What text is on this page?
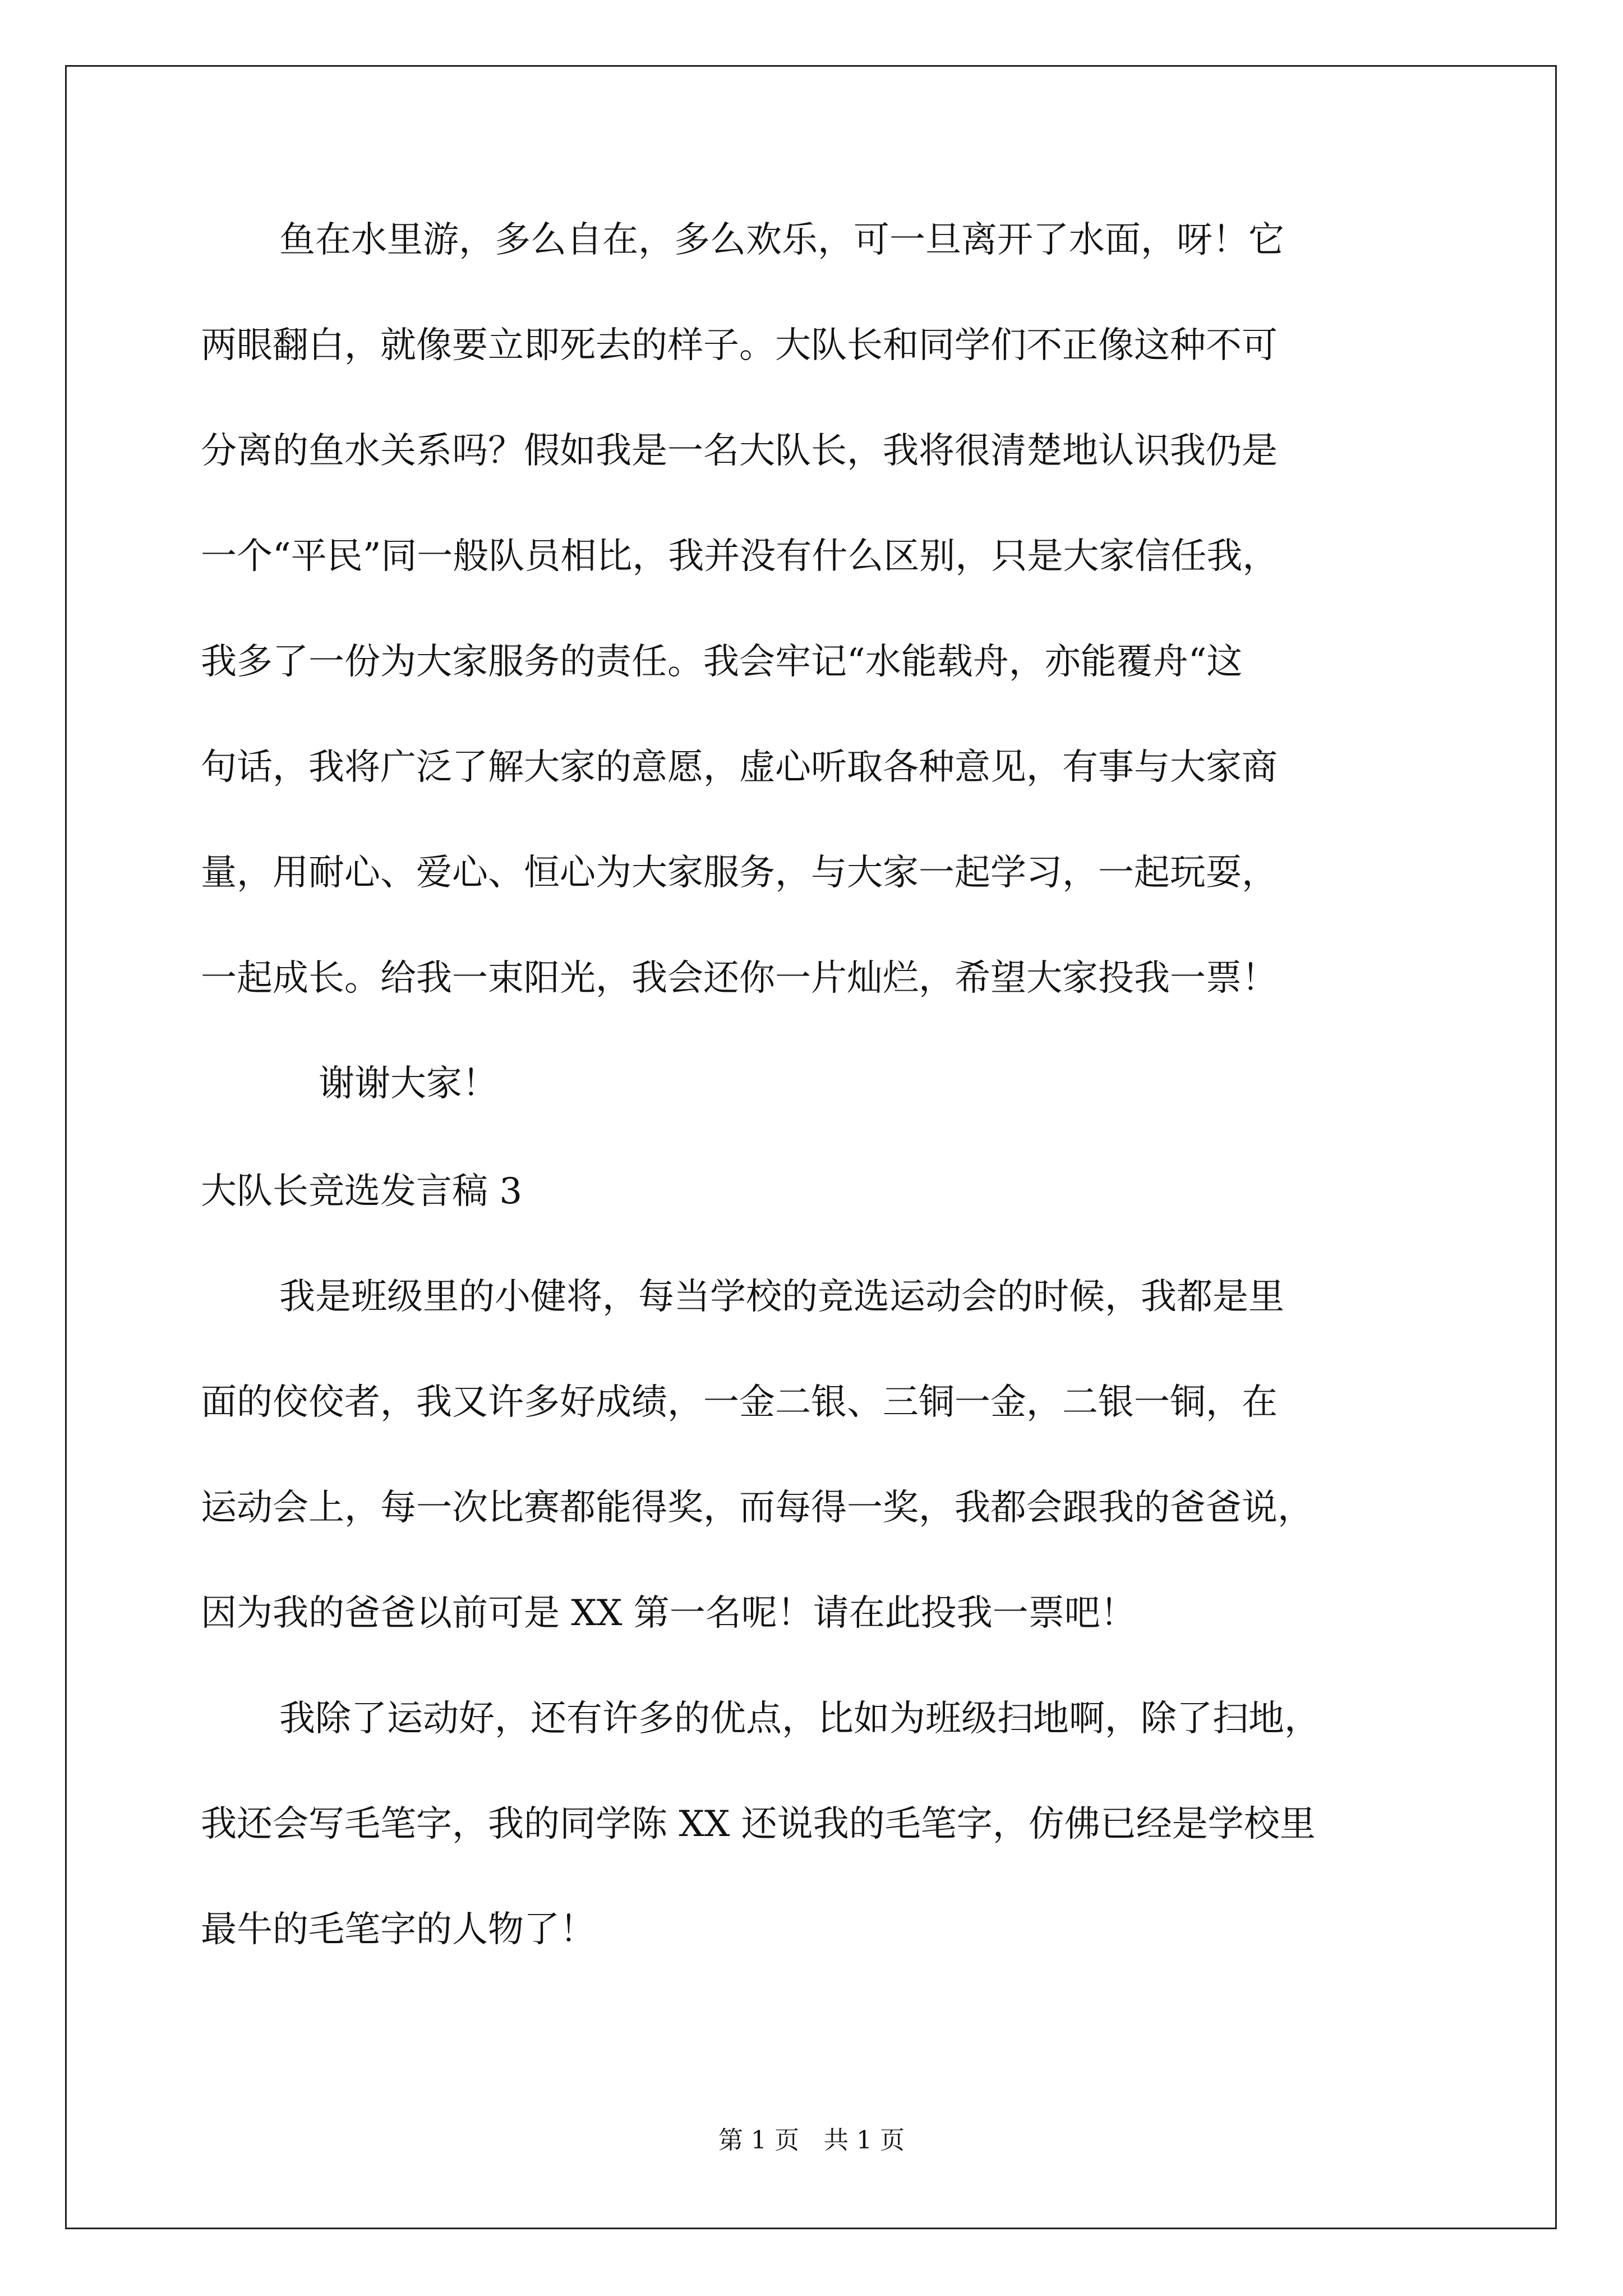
鱼在水里游，多么自在，多么欢乐，可一旦离开了水面，呀！它
两眼翻白，就像要立即死去的样子。大队长和同学们不正像这种不可
分离的鱼水关系吗？假如我是一名大队长，我将很清楚地认识我仍是
一个“平民”同一般队员相比，我并没有什么区别，只是大家信任我，
我多了一份为大家服务的责任。我会牢记“水能载舟，亦能覆舟“这
句话，我将广泛了解大家的意愿，虚心听取各种意见，有事与大家商
量，用耐心、爱心、恒心为大家服务，与大家一起学习，一起玩耍，
一起成长。给我一束阳光，我会还你一片灿烂，希望大家投我一票！
谢谢大家！
大队长竞选发言稿 3
我是班级里的小健将，每当学校的竞选运动会的时候，我都是里
面的佼佼者，我又许多好成绩，一金二银、三铜一金，二银一铜，在
运动会上，每一次比赛都能得奖，而每得一奖，我都会跟我的爸爸说，
因为我的爸爸以前可是 XX 第一名呢！请在此投我一票吧！
我除了运动好，还有许多的优点，比如为班级扫地啊，除了扫地，
我还会写毛笔字，我的同学陈 XX 还说我的毛笔字，仿佛已经是学校里
最牛的毛笔字的人物了！
第 1 页　共 1 页
